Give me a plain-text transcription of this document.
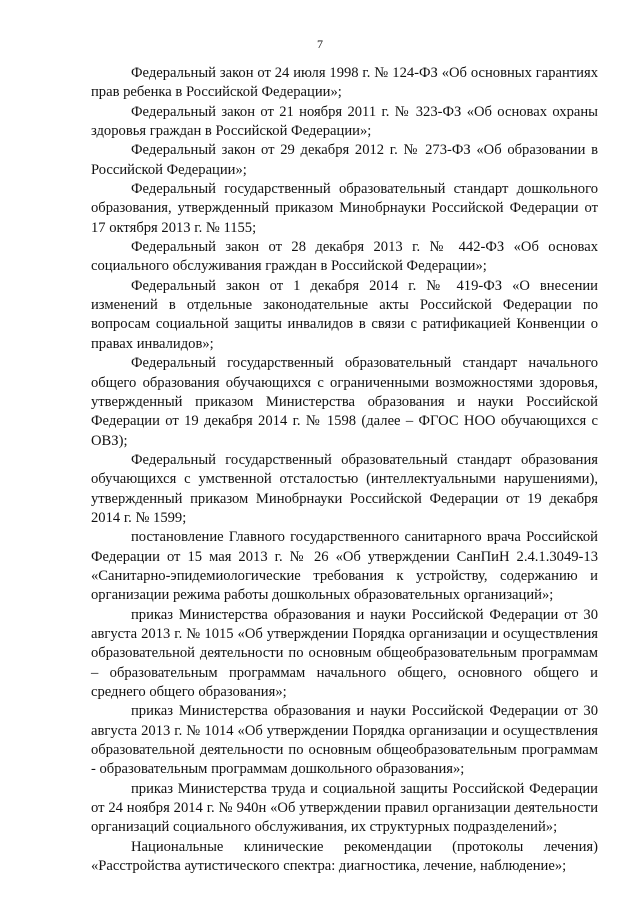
7

Федеральный закон от 24 июля 1998 г. № 124-ФЗ «Об основных гарантиях прав ребенка в Российской Федерации»;

Федеральный закон от 21 ноября 2011 г. № 323-ФЗ «Об основах охраны здоровья граждан в Российской Федерации»;

Федеральный закон от 29 декабря 2012 г. № 273-ФЗ «Об образовании в Российской Федерации»;

Федеральный государственный образовательный стандарт дошкольного образования, утвержденный приказом Минобрнауки Российской Федерации от 17 октября 2013 г. № 1155;

Федеральный закон от 28 декабря 2013 г. № 442-ФЗ «Об основах социального обслуживания граждан в Российской Федерации»;

Федеральный закон от 1 декабря 2014 г. № 419-ФЗ «О внесении изменений в отдельные законодательные акты Российской Федерации по вопросам социальной защиты инвалидов в связи с ратификацией Конвенции о правах инвалидов»;

Федеральный государственный образовательный стандарт начального общего образования обучающихся с ограниченными возможностями здоровья, утвержденный приказом Министерства образования и науки Российской Федерации от 19 декабря 2014 г. № 1598 (далее – ФГОС НОО обучающихся с ОВЗ);

Федеральный государственный образовательный стандарт образования обучающихся с умственной отсталостью (интеллектуальными нарушениями), утвержденный приказом Минобрнауки Российской Федерации от 19 декабря 2014 г. № 1599;

постановление Главного государственного санитарного врача Российской Федерации от 15 мая 2013 г. № 26 «Об утверждении СанПиН 2.4.1.3049-13 «Санитарно-эпидемиологические требования к устройству, содержанию и организации режима работы дошкольных образовательных организаций»;

приказ Министерства образования и науки Российской Федерации от 30 августа 2013 г. № 1015 «Об утверждении Порядка организации и осуществления образовательной деятельности по основным общеобразовательным программам – образовательным программам начального общего, основного общего и среднего общего образования»;

приказ Министерства образования и науки Российской Федерации от 30 августа 2013 г. № 1014 «Об утверждении Порядка организации и осуществления образовательной деятельности по основным общеобразовательным программам - образовательным программам дошкольного образования»;

приказ Министерства труда и социальной защиты Российской Федерации от 24 ноября 2014 г. № 940н «Об утверждении правил организации деятельности организаций социального обслуживания, их структурных подразделений»;

Национальные клинические рекомендации (протоколы лечения) «Расстройства аутистического спектра: диагностика, лечение, наблюдение»;
